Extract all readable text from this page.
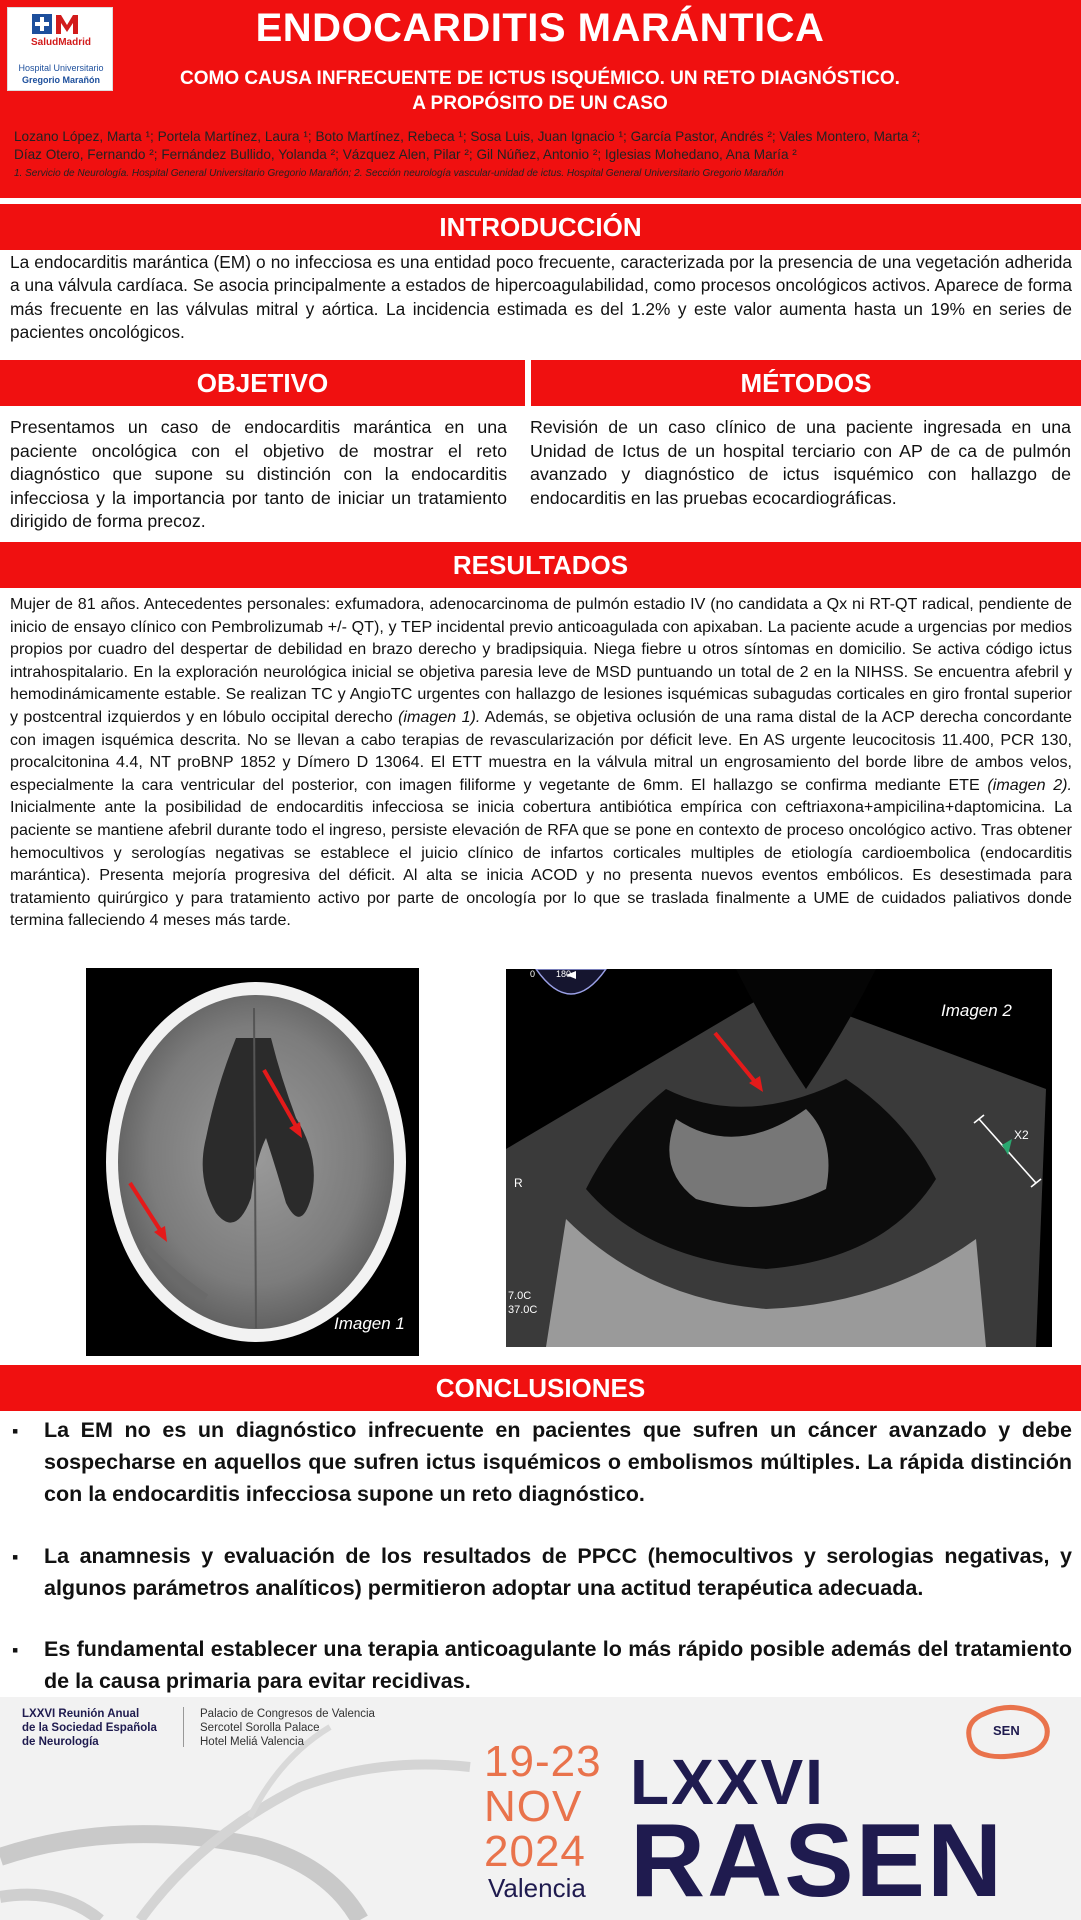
SaludMadrid
Hospital Universitario
Gregorio Marañón
ENDOCARDITIS MARÁNTICA
COMO CAUSA INFRECUENTE DE ICTUS ISQUÉMICO. UN RETO DIAGNÓSTICO.
A PROPÓSITO DE UN CASO
Lozano López, Marta ¹; Portela Martínez, Laura ¹; Boto Martínez, Rebeca ¹; Sosa Luis, Juan Ignacio ¹; García Pastor, Andrés ²; Vales Montero, Marta ²;
Díaz Otero, Fernando ²; Fernández Bullido, Yolanda ²; Vázquez Alen, Pilar ²; Gil Núñez, Antonio ²; Iglesias Mohedano, Ana María ²
1. Servicio de Neurología. Hospital General Universitario Gregorio Marañón; 2. Sección neurología vascular-unidad de ictus. Hospital General Universitario Gregorio Marañón
INTRODUCCIÓN
La endocarditis marántica (EM) o no infecciosa es una entidad poco frecuente, caracterizada por la presencia de una vegetación adherida a una válvula cardíaca. Se asocia principalmente a estados de hipercoagulabilidad, como procesos oncológicos activos. Aparece de forma más frecuente en las válvulas mitral y aórtica. La incidencia estimada es del 1.2% y este valor aumenta hasta un 19% en series de pacientes oncológicos.
OBJETIVO	MÉTODOS
Presentamos un caso de endocarditis marántica en una paciente oncológica con el objetivo de mostrar el reto diagnóstico que supone su distinción con la endocarditis infecciosa y la importancia por tanto de iniciar un tratamiento dirigido de forma precoz.
Revisión de un caso clínico de una paciente ingresada en una Unidad de Ictus de un hospital terciario con AP de ca de pulmón avanzado y diagnóstico de ictus isquémico con hallazgo de endocarditis en las pruebas ecocardiográficas.
RESULTADOS
Mujer de 81 años. Antecedentes personales: exfumadora, adenocarcinoma de pulmón estadio IV (no candidata a Qx ni RT-QT radical, pendiente de inicio de ensayo clínico con Pembrolizumab +/- QT), y TEP incidental previo anticoagulada con apixaban. La paciente acude a urgencias por medios propios por cuadro del despertar de debilidad en brazo derecho y bradipsiquia. Niega fiebre u otros síntomas en domicilio. Se activa código ictus intrahospitalario. En la exploración neurológica inicial se objetiva paresia leve de MSD puntuando un total de 2 en la NIHSS. Se encuentra afebril y hemodinámicamente estable. Se realizan TC y AngioTC urgentes con hallazgo de lesiones isquémicas subagudas corticales en giro frontal superior y postcentral izquierdos y en lóbulo occipital derecho (imagen 1). Además, se objetiva oclusión de una rama distal de la ACP derecha concordante con imagen isquémica descrita. No se llevan a cabo terapias de revascularización por déficit leve. En AS urgente leucocitosis 11.400, PCR 130, procalcitonina 4.4, NT proBNP 1852 y Dímero D 13064. El ETT muestra en la válvula mitral un engrosamiento del borde libre de ambos velos, especialmente la cara ventricular del posterior, con imagen filiforme y vegetante de 6mm. El hallazgo se confirma mediante ETE (imagen 2). Inicialmente ante la posibilidad de endocarditis infecciosa se inicia cobertura antibiótica empírica con ceftriaxona+ampicilina+daptomicina. La paciente se mantiene afebril durante todo el ingreso, persiste elevación de RFA que se pone en contexto de proceso oncológico activo. Tras obtener hemocultivos y serologías negativas se establece el juicio clínico de infartos corticales multiples de etiología cardioembolica (endocarditis marántica). Presenta mejoría progresiva del déficit. Al alta se inicia ACOD y no presenta nuevos eventos embólicos. Es desestimada para tratamiento quirúrgico y para tratamiento activo por parte de oncología por lo que se traslada finalmente a UME de cuidados paliativos donde termina falleciendo 4 meses más tarde.
Imagen 1
0 180
X2
R
7.0C
37.0C
Imagen 2
CONCLUSIONES
▪ La EM no es un diagnóstico infrecuente en pacientes que sufren un cáncer avanzado y debe sospecharse en aquellos que sufren ictus isquémicos o embolismos múltiples. La rápida distinción con la endocarditis infecciosa supone un reto diagnóstico.
▪ La anamnesis y evaluación de los resultados de PPCC (hemocultivos y serologias negativas, y algunos parámetros analíticos) permitieron adoptar una actitud terapéutica adecuada.
▪ Es fundamental establecer una terapia anticoagulante lo más rápido posible además del tratamiento de la causa primaria para evitar recidivas.
LXXVI Reunión Anual
de la Sociedad Española
de Neurología
Palacio de Congresos de Valencia
Sercotel Sorolla Palace
Hotel Meliá Valencia	19-23
NOV
2024
Valencia
LXXVI
RASEN
SEN
